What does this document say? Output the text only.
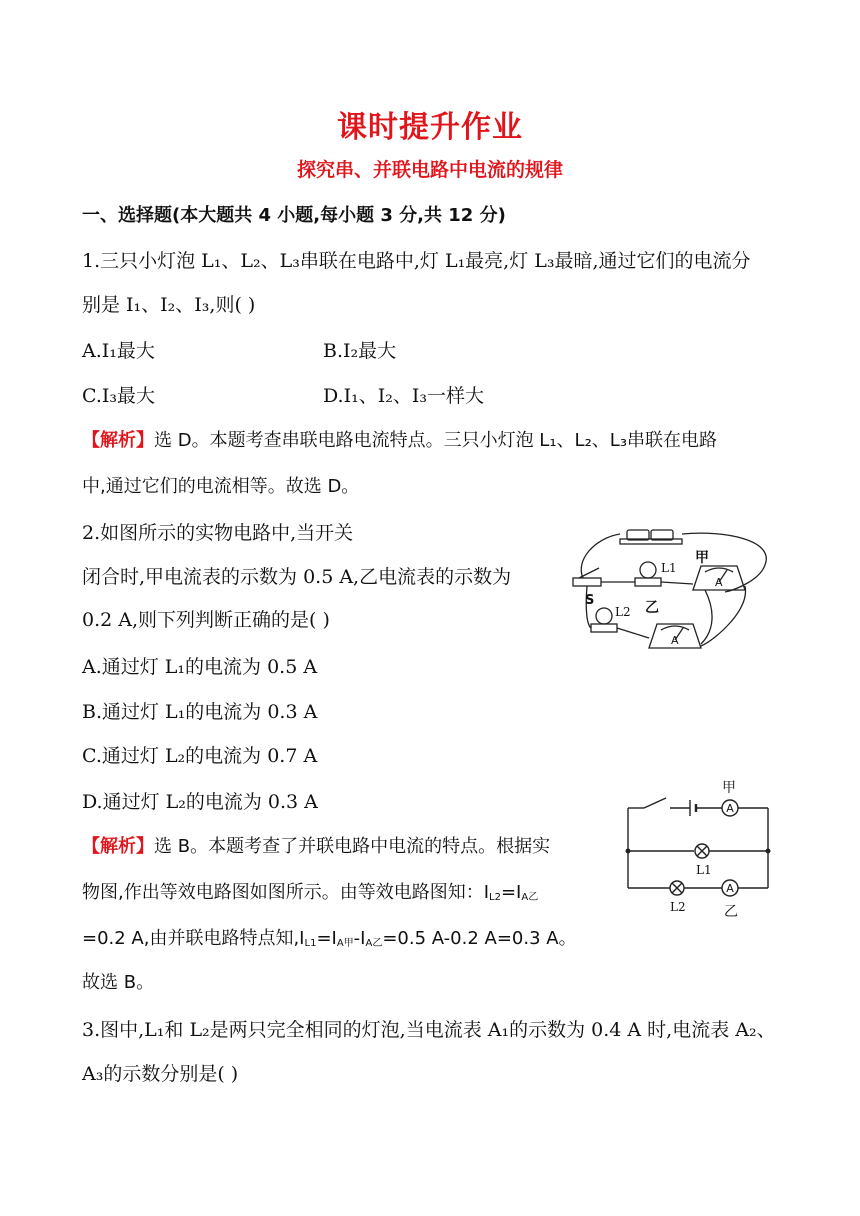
课时提升作业
探究串、并联电路中电流的规律
一、选择题(本大题共 4 小题,每小题 3 分,共 12 分)
1.三只小灯泡 L₁、L₂、L₃串联在电路中,灯 L₁最亮,灯 L₃最暗,通过它们的电流分
别是 I₁、I₂、I₃,则( )
A.I₁最大	B.I₂最大
C.I₃最大	D.I₁、I₂、I₃一样大
【解析】选 D。本题考查串联电路电流特点。三只小灯泡 L₁、L₂、L₃串联在电路
中,通过它们的电流相等。故选 D。
2.如图所示的实物电路中,当开关
闭合时,甲电流表的示数为 0.5 A,乙电流表的示数为
0.2 A,则下列判断正确的是( )
A.通过灯 L₁的电流为 0.5 A
B.通过灯 L₁的电流为 0.3 A
C.通过灯 L₂的电流为 0.7 A
D.通过灯 L₂的电流为 0.3 A
【解析】选 B。本题考查了并联电路中电流的特点。根据实
物图,作出等效电路图如图所示。由等效电路图知：$I_{L2}=I_{A乙}$
=0.2 A,由并联电路特点知$,I_{L1}=I_{A甲}-I_{A乙}=0.5$ A-0.2 A=0.3 A。
故选 B。
3.图中,L₁和 L₂是两只完全相同的灯泡,当电流表 A₁的示数为 0.4 A 时,电流表 A₂、
A₃的示数分别是( )
S
L1
L2
甲
乙
A
A
A
A
甲
乙
L1
L2
